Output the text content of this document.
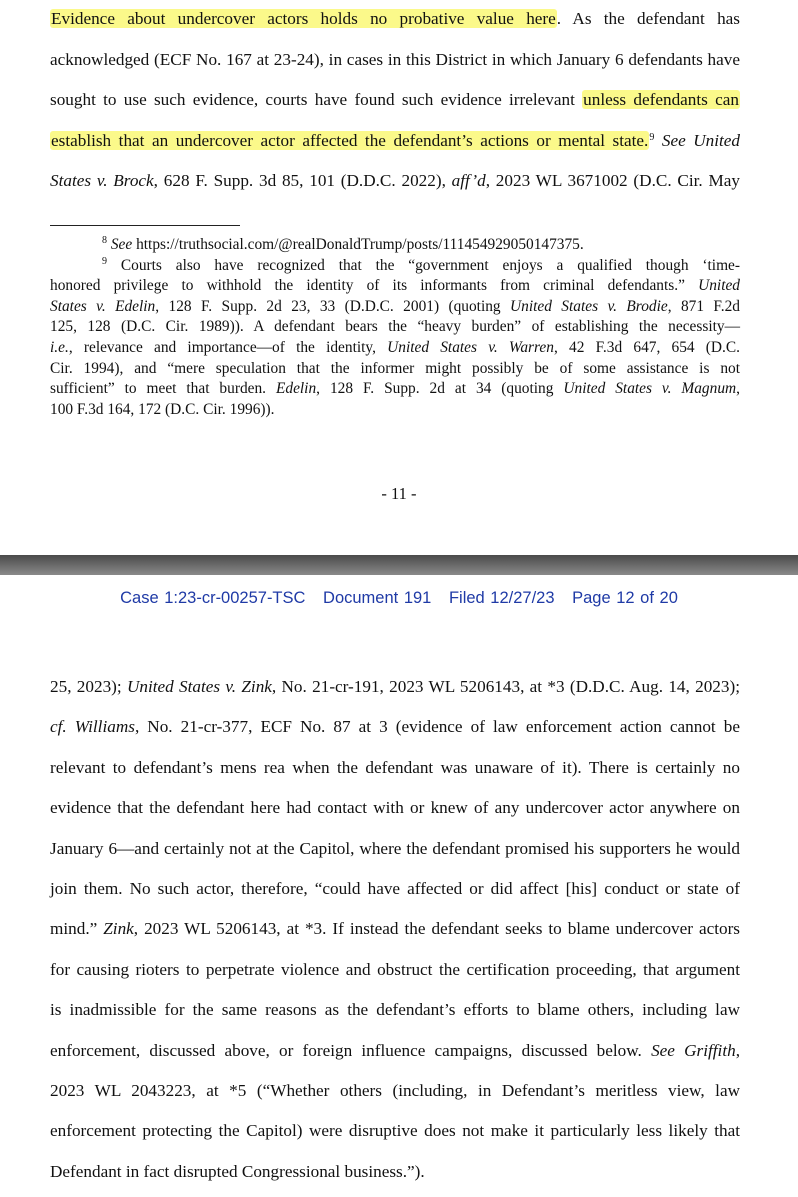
Evidence about undercover actors holds no probative value here. As the defendant has
acknowledged (ECF No. 167 at 23-24), in cases in this District in which January 6 defendants have
sought to use such evidence, courts have found such evidence irrelevant unless defendants can
establish that an undercover actor affected the defendant’s actions or mental state.$^9$ See United
States v. Brock, 628 F. Supp. 3d 85, 101 (D.D.C. 2022), aff’d, 2023 WL 3671002 (D.C. Cir. May
$^8$ See https://truthsocial.com/@realDonaldTrump/posts/111454929050147375.
$^9$ Courts also have recognized that the “government enjoys a qualified though ‘time-
honored privilege to withhold the identity of its informants from criminal defendants.” United
States v. Edelin, 128 F. Supp. 2d 23, 33 (D.D.C. 2001) (quoting United States v. Brodie, 871 F.2d
125, 128 (D.C. Cir. 1989)). A defendant bears the “heavy burden” of establishing the necessity—
i.e., relevance and importance—of the identity, United States v. Warren, 42 F.3d 647, 654 (D.C.
Cir. 1994), and “mere speculation that the informer might possibly be of some assistance is not
sufficient” to meet that burden. Edelin, 128 F. Supp. 2d at 34 (quoting United States v. Magnum,
100 F.3d 164, 172 (D.C. Cir. 1996)).
- 11 -
Case 1:23-cr-00257-TSC Document 191 Filed 12/27/23 Page 12 of 20
25, 2023); United States v. Zink, No. 21-cr-191, 2023 WL 5206143, at *3 (D.D.C. Aug. 14, 2023);
cf. Williams, No. 21-cr-377, ECF No. 87 at 3 (evidence of law enforcement action cannot be
relevant to defendant’s mens rea when the defendant was unaware of it). There is certainly no
evidence that the defendant here had contact with or knew of any undercover actor anywhere on
January 6—and certainly not at the Capitol, where the defendant promised his supporters he would
join them. No such actor, therefore, “could have affected or did affect [his] conduct or state of
mind.” Zink, 2023 WL 5206143, at *3. If instead the defendant seeks to blame undercover actors
for causing rioters to perpetrate violence and obstruct the certification proceeding, that argument
is inadmissible for the same reasons as the defendant’s efforts to blame others, including law
enforcement, discussed above, or foreign influence campaigns, discussed below. See Griffith,
2023 WL 2043223, at *5 (“Whether others (including, in Defendant’s meritless view, law
enforcement protecting the Capitol) were disruptive does not make it particularly less likely that
Defendant in fact disrupted Congressional business.”).
